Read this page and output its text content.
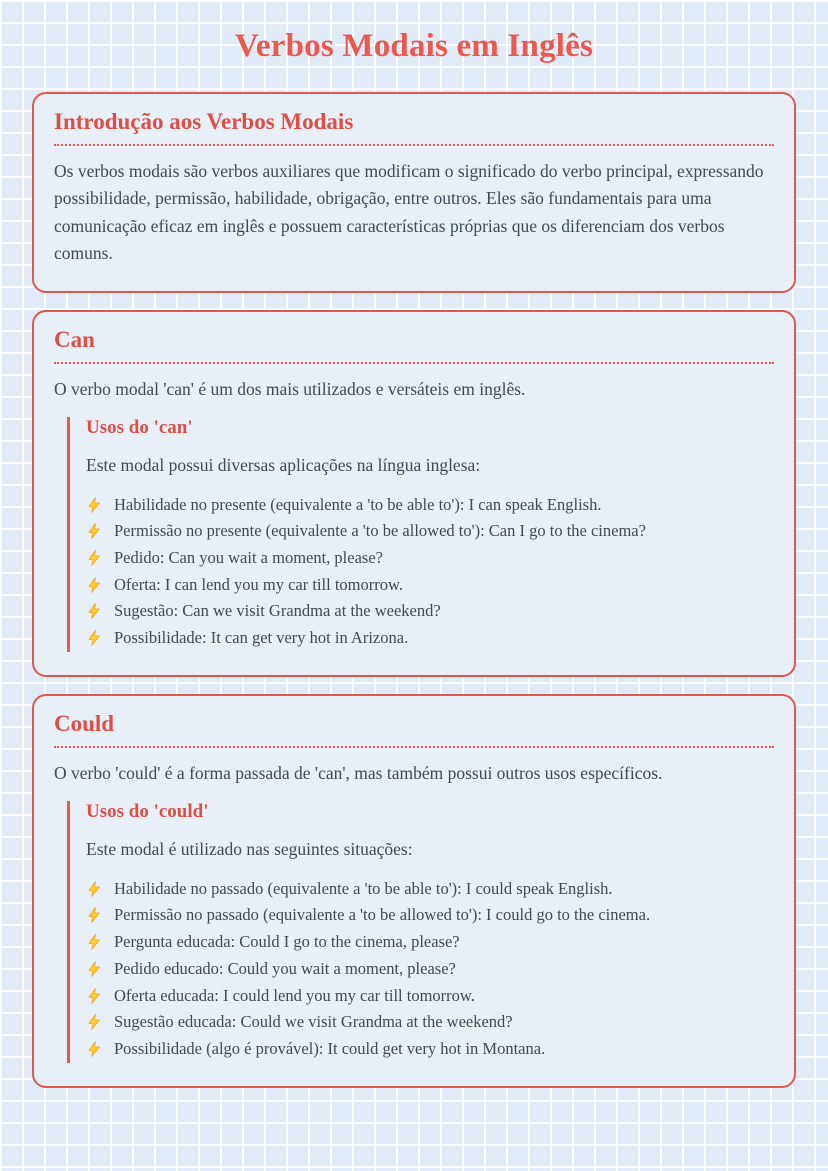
Verbos Modais em Inglês
Introdução aos Verbos Modais

Os verbos modais são verbos auxiliares que modificam o significado do verbo principal, expressando possibilidade, permissão, habilidade, obrigação, entre outros. Eles são fundamentais para uma comunicação eficaz em inglês e possuem características próprias que os diferenciam dos verbos comuns.

Can

O verbo modal 'can' é um dos mais utilizados e versáteis em inglês.

Usos do 'can'

Este modal possui diversas aplicações na língua inglesa:

Habilidade no presente (equivalente a 'to be able to'): I can speak English.
Permissão no presente (equivalente a 'to be allowed to'): Can I go to the cinema?
Pedido: Can you wait a moment, please?
Oferta: I can lend you my car till tomorrow.
Sugestão: Can we visit Grandma at the weekend?
Possibilidade: It can get very hot in Arizona.
Could

O verbo 'could' é a forma passada de 'can', mas também possui outros usos específicos.

Usos do 'could'

Este modal é utilizado nas seguintes situações:

Habilidade no passado (equivalente a 'to be able to'): I could speak English.
Permissão no passado (equivalente a 'to be allowed to'): I could go to the cinema.
Pergunta educada: Could I go to the cinema, please?
Pedido educado: Could you wait a moment, please?
Oferta educada: I could lend you my car till tomorrow.
Sugestão educada: Could we visit Grandma at the weekend?
Possibilidade (algo é provável): It could get very hot in Montana.
